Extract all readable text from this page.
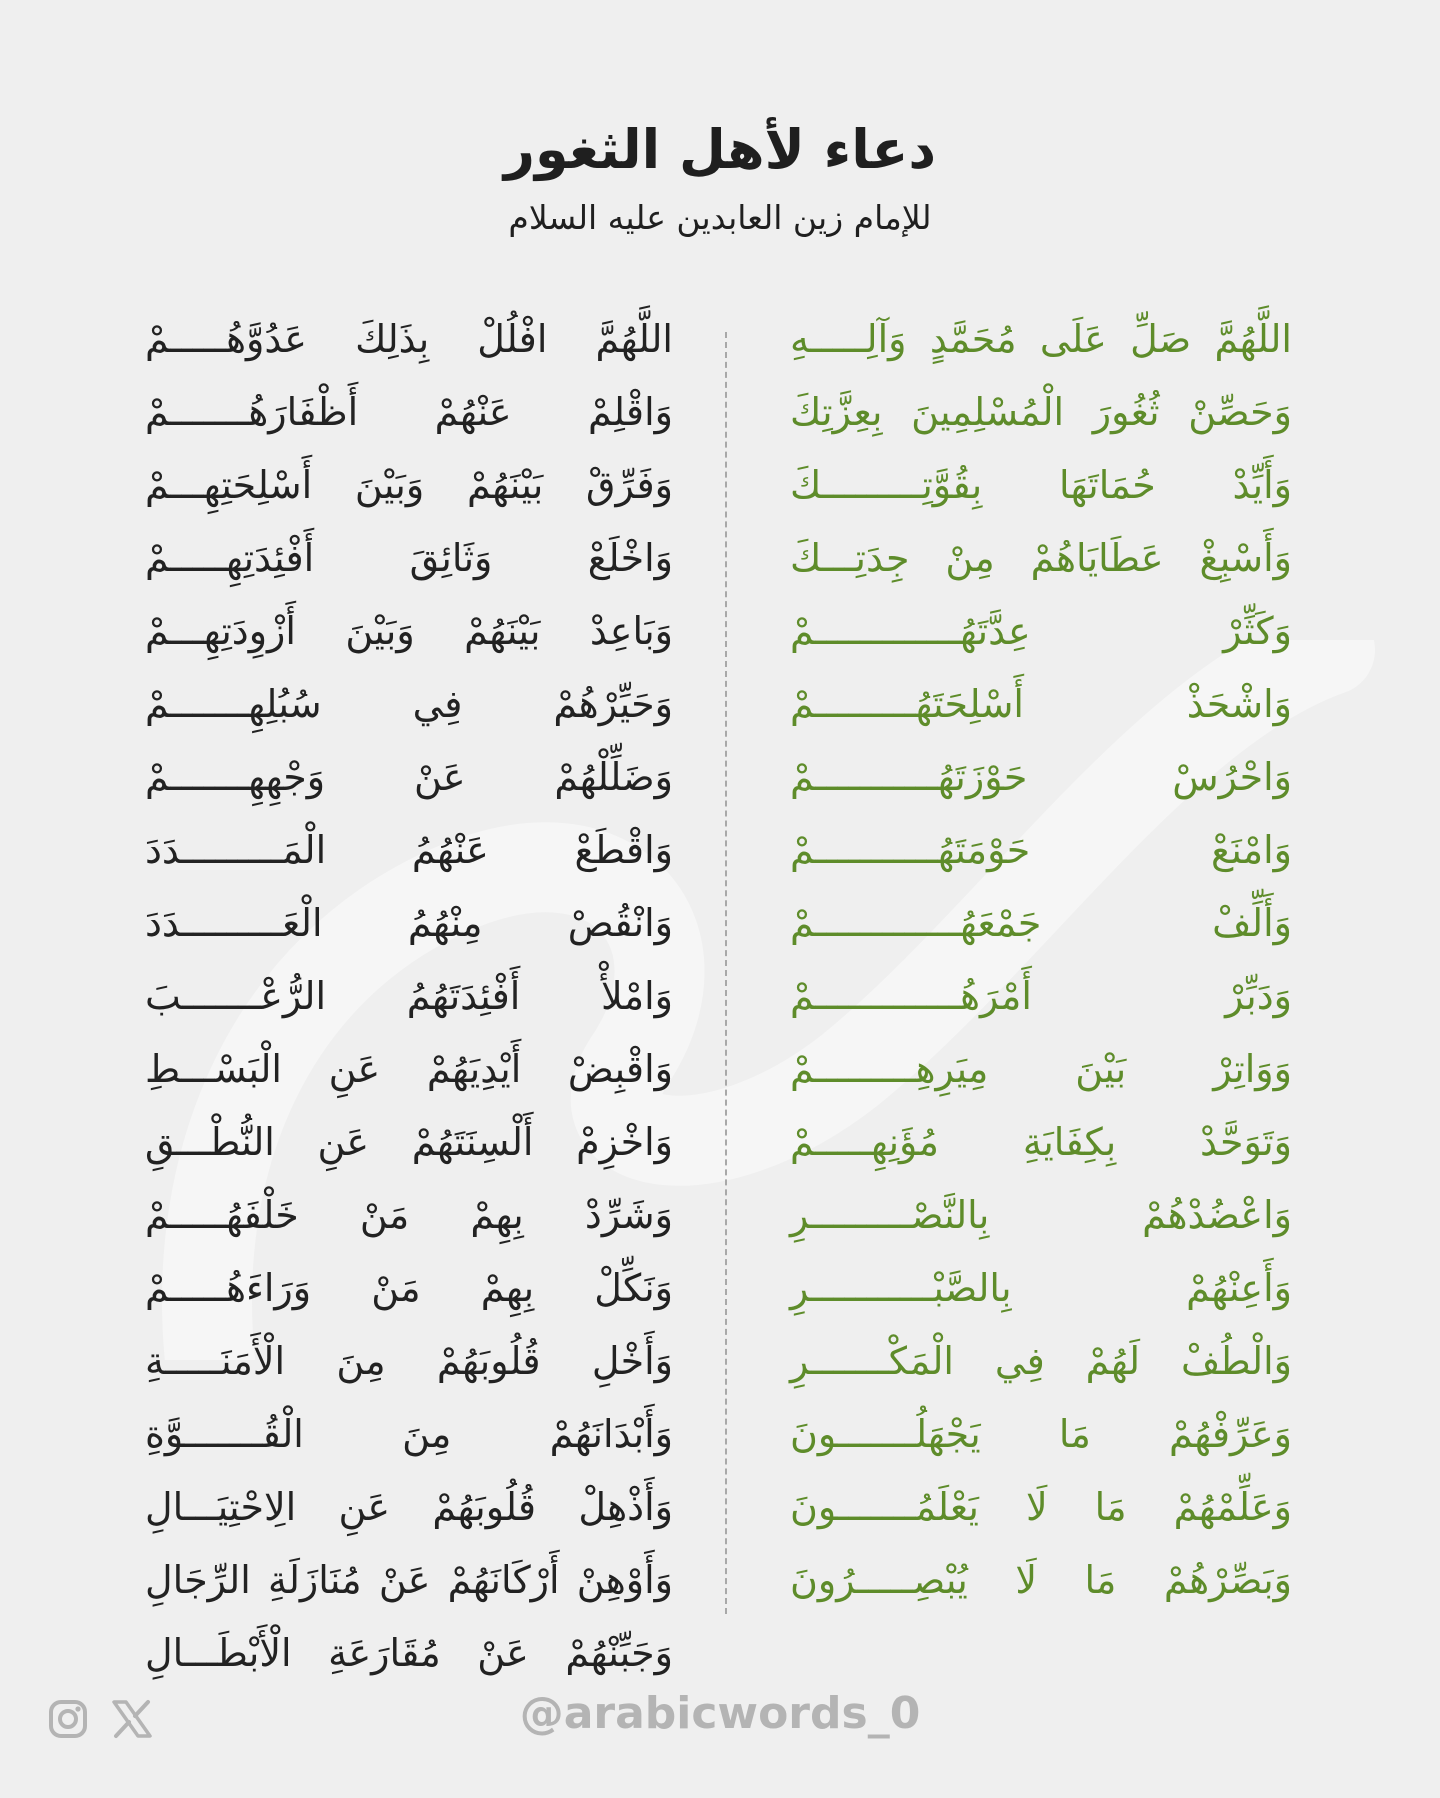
دعاء لأهل الثغور
للإمام زين العابدين عليه السلام
اللَّهُمَّ صَلِّ عَلَى مُحَمَّدٍ وَآلِـــــهِ
وَحَصِّنْ ثُغُورَ الْمُسْلِمِينَ بِعِزَّتِكَ
وَأَيِّدْ حُمَاتَهَا بِقُوَّتِـــــــــكَ
وَأَسْبِغْ عَطَايَاهُمْ مِنْ جِدَتِـــكَ
وَكَثِّرْ عِدَّتَهُـــــــــــــمْ
وَاشْحَذْ أَسْلِحَتَهُـــــــــمْ
وَاحْرُسْ حَوْزَتَهُـــــــــــمْ
وَامْنَعْ حَوْمَتَهُـــــــــــمْ
وَأَلِّفْ جَمْعَهُـــــــــــــمْ
وَدَبِّرْ أَمْرَهُـــــــــــــمْ
وَوَاتِرْ بَيْنَ مِيَرِهِـــــــــمْ
وَتَوَحَّدْ بِكِفَايَةِ مُؤَنِهِـــــمْ
وَاعْضُدْهُمْ بِالنَّصْـــــــــرِ
وَأَعِنْهُمْ بِالصَّبْـــــــــــرِ
وَالْطُفْ لَهُمْ فِي الْمَكْـــــــرِ
وَعَرِّفْهُمْ مَا يَجْهَلُـــــــونَ
وَعَلِّمْهُمْ مَا لَا يَعْلَمُـــــــونَ
وَبَصِّرْهُمْ مَا لَا يُبْصِـــــرُونَ
اللَّهُمَّ افْلُلْ بِذَلِكَ عَدُوَّهُـــــمْ
وَاقْلِمْ عَنْهُمْ أَظْفَارَهُـــــــمْ
وَفَرِّقْ بَيْنَهُمْ وَبَيْنَ أَسْلِحَتِهِـــمْ
وَاخْلَعْ وَثَائِقَ أَفْئِدَتِهِـــــمْ
وَبَاعِدْ بَيْنَهُمْ وَبَيْنَ أَزْوِدَتِهِـــمْ
وَحَيِّرْهُمْ فِي سُبُلِهِـــــــمْ
وَضَلِّلْهُمْ عَنْ وَجْهِهِـــــــمْ
وَاقْطَعْ عَنْهُمُ الْمَـــــــــدَدَ
وَانْقُصْ مِنْهُمُ الْعَـــــــــدَدَ
وَامْلأْ أَفْئِدَتَهُمُ الرُّعْـــــــبَ
وَاقْبِضْ أَيْدِيَهُمْ عَنِ الْبَسْـــطِ
وَاخْزِمْ أَلْسِنَتَهُمْ عَنِ النُّطْـــقِ
وَشَرِّدْ بِهِمْ مَنْ خَلْفَهُـــــمْ
وَنَكِّلْ بِهِمْ مَنْ وَرَاءَهُـــــمْ
وَأَخْلِ قُلُوبَهُمْ مِنَ الْأَمَنَـــــةِ
وَأَبْدَانَهُمْ مِنَ الْقُـــــــوَّةِ
وَأَذْهِلْ قُلُوبَهُمْ عَنِ الِاحْتِيَـــالِ
وَأَوْهِنْ أَرْكَانَهُمْ عَنْ مُنَازَلَةِ الرِّجَالِ
وَجَبِّنْهُمْ عَنْ مُقَارَعَةِ الْأَبْطَـــالِ
@arabicwords_0
